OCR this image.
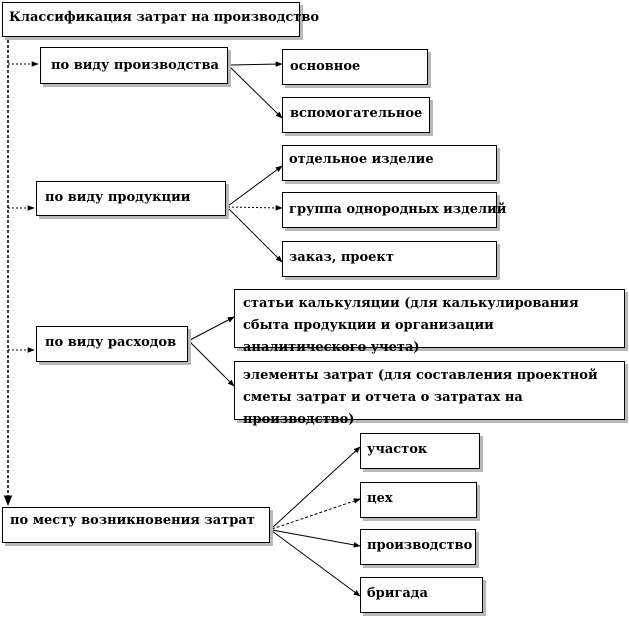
Классификация затрат на производство
по виду производства	основное
вспомогательное
по виду продукции
отдельное изделие
группа однородных изделий
заказ, проект
по виду расходов
статьи калькуляции (для калькулирования сбыта продукции и организации аналитического учета)
элементы затрат (для составления проектной сметы затрат и отчета о затратах на производство)
по месту возникновения затрат
участок
цех
производство
бригада
